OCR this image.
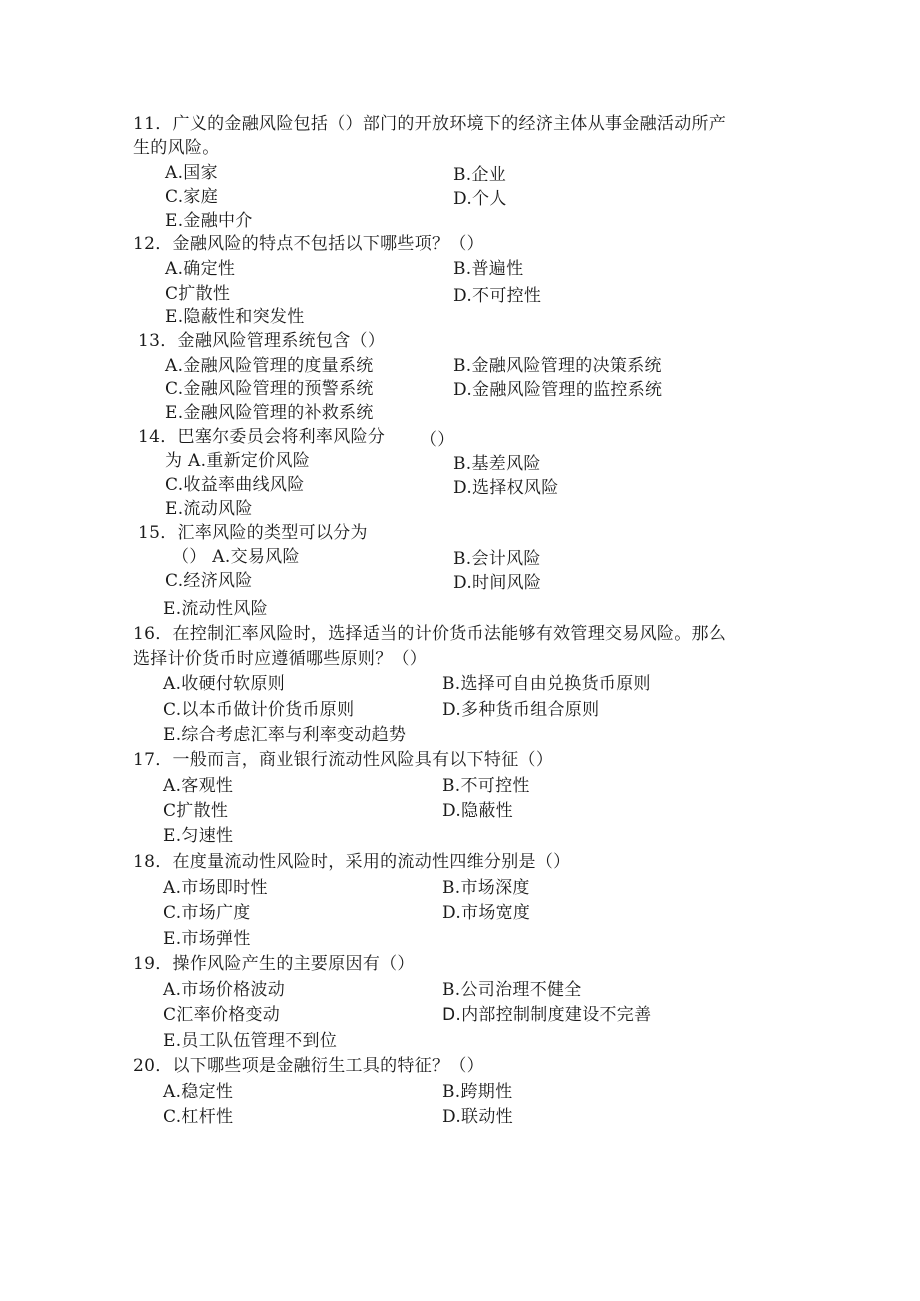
11．广义的金融风险包括（）部门的开放环境下的经济主体从事金融活动所产
生的风险。
A.国家	B.企业
C.家庭	D.个人
E.金融中介
12．金融风险的特点不包括以下哪些项？（）
A.确定性	B.普遍性
C扩散性	D.不可控性
E.隐蔽性和突发性
13．金融风险管理系统包含（）
A.金融风险管理的度量系统	B.金融风险管理的决策系统
C.金融风险管理的预警系统	D.金融风险管理的监控系统
E.金融风险管理的补救系统
14．巴塞尔委员会将利率风险分 （）
为 A.重新定价风险	B.基差风险
C.收益率曲线风险	D.选择权风险
E.流动风险
15．汇率风险的类型可以分为
（） A.交易风险	B.会计风险
C.经济风险	D.时间风险
E.流动性风险
16．在控制汇率风险时，选择适当的计价货币法能够有效管理交易风险。那么
选择计价货币时应遵循哪些原则？（）
A.收硬付软原则	B.选择可自由兑换货币原则
C.以本币做计价货币原则	D.多种货币组合原则
E.综合考虑汇率与利率变动趋势
17．一般而言，商业银行流动性风险具有以下特征（）
A.客观性	B.不可控性
C扩散性	D.隐蔽性
E.匀速性
18．在度量流动性风险时，采用的流动性四维分别是（）
A.市场即时性	B.市场深度
C.市场广度	D.市场宽度
E.市场弹性
19．操作风险产生的主要原因有（）
A.市场价格波动	B.公司治理不健全
C汇率价格变动	D.内部控制制度建设不完善
E.员工队伍管理不到位
20．以下哪些项是金融衍生工具的特征？（）
A.稳定性	B.跨期性
C.杠杆性	D.联动性
